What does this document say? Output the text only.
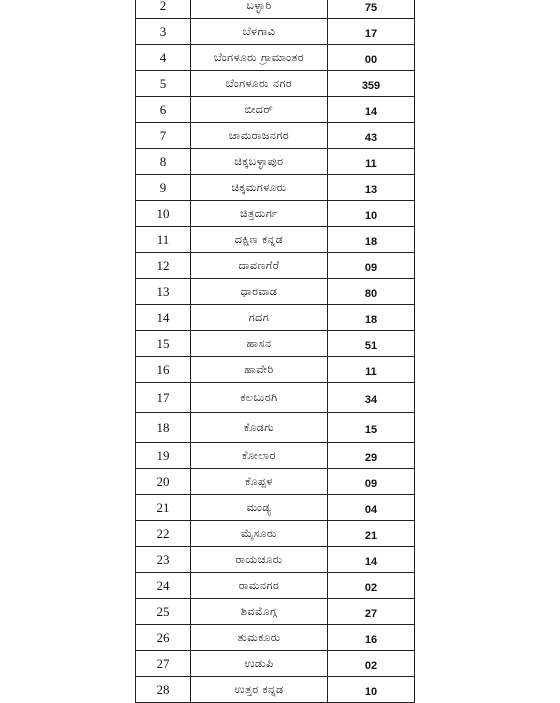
2	ಬಳ್ಳಾರಿ	75
3	ಬೆಳಗಾವಿ	17
4	ಬೆಂಗಳೂರು ಗ್ರಾಮಾಂತರ	00
5	ಬೆಂಗಳೂರು ನಗರ	359
6	ಬೀದರ್	14
7	ಚಾಮರಾಜನಗರ	43
8	ಚಿಕ್ಕಬಳ್ಳಾಪುರ	11
9	ಚಿಕ್ಕಮಗಳೂರು	13
10	ಚಿತ್ರದುರ್ಗ	10
11	ದಕ್ಷಿಣ ಕನ್ನಡ	18
12	ದಾವಣಗೆರೆ	09
13	ಧಾರವಾಡ	80
14	ಗದಗ	18
15	ಹಾಸನ	51
16	ಹಾವೇರಿ	11
17	ಕಲಬುರಗಿ	34
18	ಕೊಡಗು	15
19	ಕೋಲಾರ	29
20	ಕೊಪ್ಪಳ	09
21	ಮಂಡ್ಯ	04
22	ಮೈಸೂರು	21
23	ರಾಯಚೂರು	14
24	ರಾಮನಗರ	02
25	ಶಿವಮೊಗ್ಗ	27
26	ತುಮಕೂರು	16
27	ಉಡುಪಿ	02
28	ಉತ್ತರ ಕನ್ನಡ	10
